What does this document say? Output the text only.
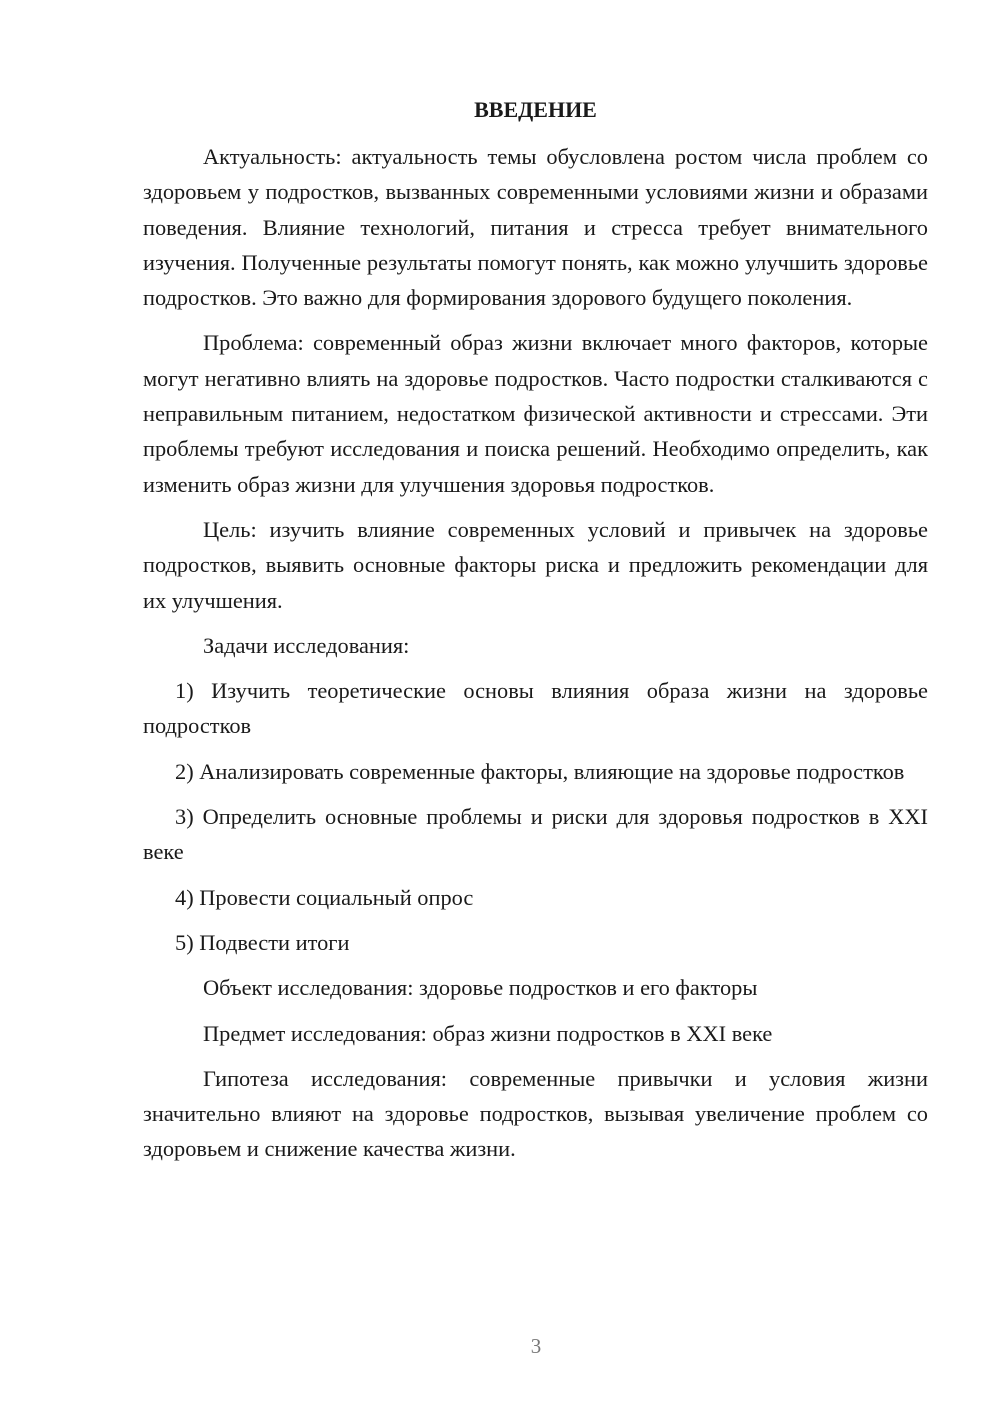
ВВЕДЕНИЕ

Актуальность: актуальность темы обусловлена ростом числа проблем со здоровьем у подростков, вызванных современными условиями жизни и образами поведения. Влияние технологий, питания и стресса требует внимательного изучения. Полученные результаты помогут понять, как можно улучшить здоровье подростков. Это важно для формирования здорового будущего поколения.

Проблема: современный образ жизни включает много факторов, которые могут негативно влиять на здоровье подростков. Часто подростки сталкиваются с неправильным питанием, недостатком физической активности и стрессами. Эти проблемы требуют исследования и поиска решений. Необходимо определить, как изменить образ жизни для улучшения здоровья подростков.

Цель: изучить влияние современных условий и привычек на здоровье подростков, выявить основные факторы риска и предложить рекомендации для их улучшения.

Задачи исследования:

1) Изучить теоретические основы влияния образа жизни на здоровье подростков

2) Анализировать современные факторы, влияющие на здоровье подростков

3) Определить основные проблемы и риски для здоровья подростков в XXI веке

4) Провести социальный опрос

5) Подвести итоги

Объект исследования: здоровье подростков и его факторы

Предмет исследования: образ жизни подростков в XXI веке

Гипотеза исследования: современные привычки и условия жизни значительно влияют на здоровье подростков, вызывая увеличение проблем со здоровьем и снижение качества жизни.

3
